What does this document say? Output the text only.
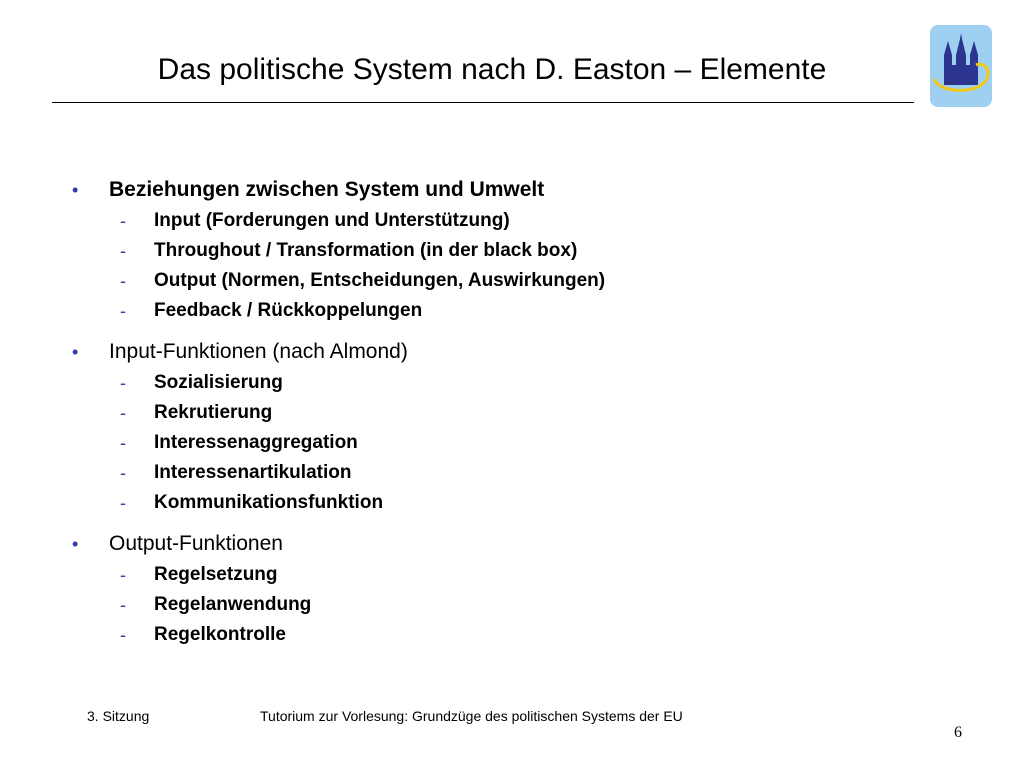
Das politische System nach D. Easton – Elemente
•	Beziehungen zwischen System und Umwelt
- Input (Forderungen und Unterstützung)
- Throughout / Transformation (in der black box)
- Output (Normen, Entscheidungen, Auswirkungen)
- Feedback / Rückkoppelungen
•	Input-Funktionen (nach Almond)
- Sozialisierung
- Rekrutierung
- Interessenaggregation
- Interessenartikulation
- Kommunikationsfunktion
•	Output-Funktionen
- Regelsetzung
- Regelanwendung
- Regelkontrolle
3. Sitzung	Tutorium zur Vorlesung: Grundzüge des politischen Systems der EU
6
